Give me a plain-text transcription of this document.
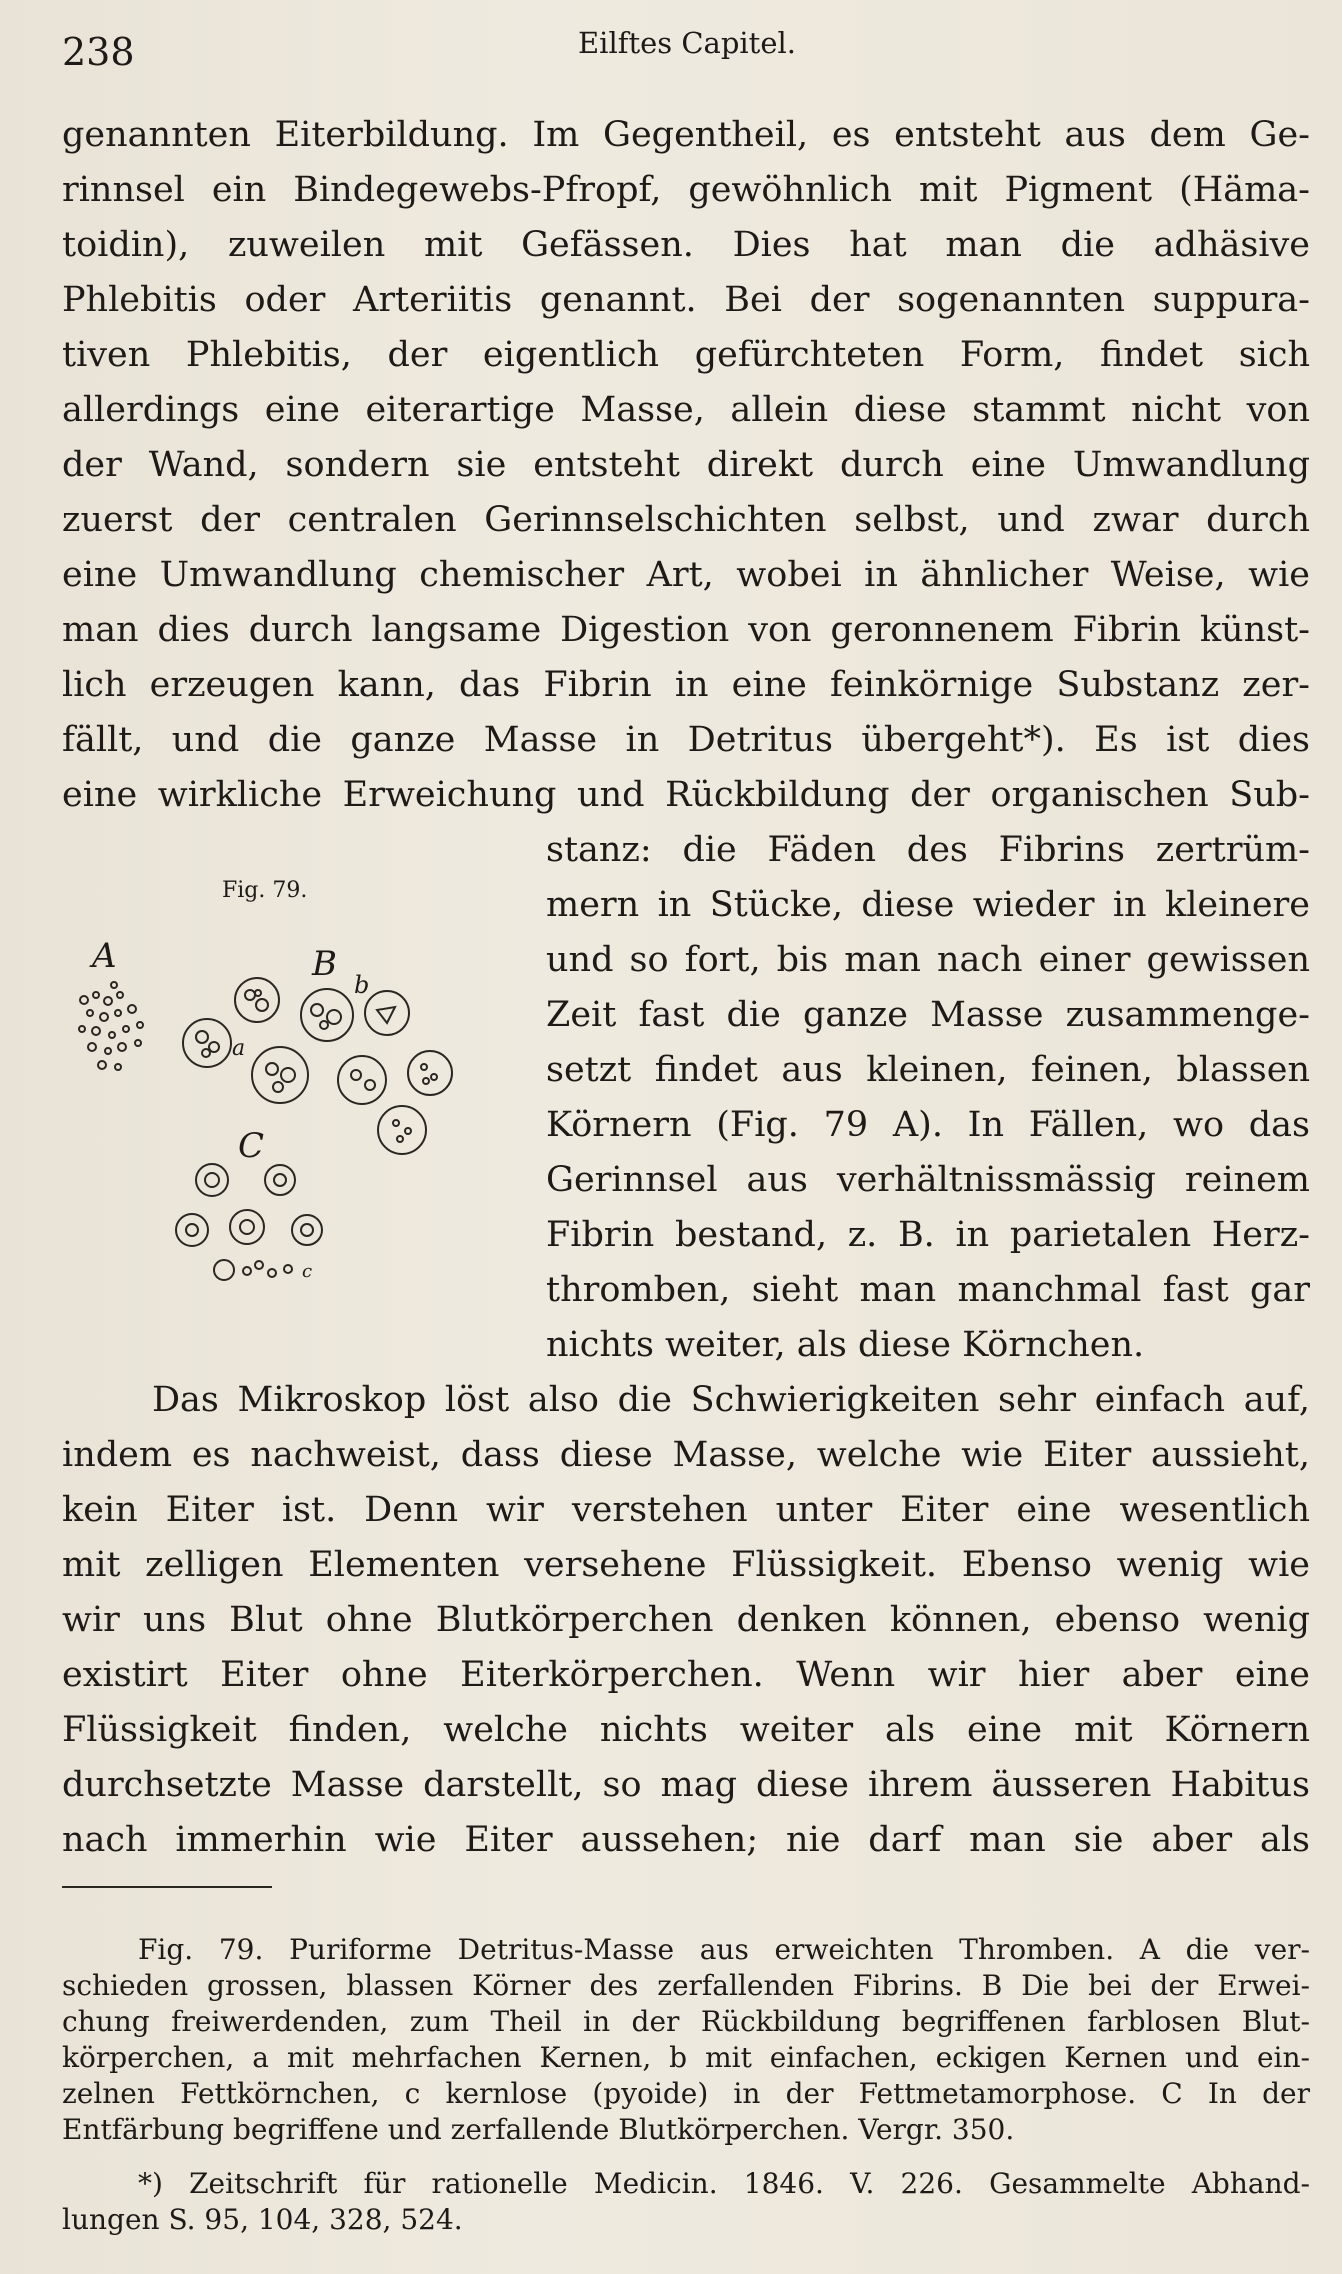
238	Eilftes Capitel.
genannten Eiterbildung. Im Gegentheil, es entsteht aus dem Ge-
rinnsel ein Bindegewebs-Pfropf, gewöhnlich mit Pigment (Häma-
toidin), zuweilen mit Gefässen. Dies hat man die adhäsive
Phlebitis oder Arteriitis genannt. Bei der sogenannten suppura-
tiven Phlebitis, der eigentlich gefürchteten Form, findet sich
allerdings eine eiterartige Masse, allein diese stammt nicht von
der Wand, sondern sie entsteht direkt durch eine Umwandlung
zuerst der centralen Gerinnselschichten selbst, und zwar durch
eine Umwandlung chemischer Art, wobei in ähnlicher Weise, wie
man dies durch langsame Digestion von geronnenem Fibrin künst-
lich erzeugen kann, das Fibrin in eine feinkörnige Substanz zer-
fällt, und die ganze Masse in Detritus übergeht*). Es ist dies
eine wirkliche Erweichung und Rückbildung der organischen Sub-
stanz: die Fäden des Fibrins zertrüm-
mern in Stücke, diese wieder in kleinere
und so fort, bis man nach einer gewissen
Zeit fast die ganze Masse zusammenge-
setzt findet aus kleinen, feinen, blassen
Körnern (Fig. 79 A). In Fällen, wo das
Gerinnsel aus verhältnissmässig reinem
Fibrin bestand, z. B. in parietalen Herz-
thromben, sieht man manchmal fast gar
nichts weiter, als diese Körnchen.
Fig. 79.
A	B
b
a
C
c
Das Mikroskop löst also die Schwierigkeiten sehr einfach auf,
indem es nachweist, dass diese Masse, welche wie Eiter aussieht,
kein Eiter ist. Denn wir verstehen unter Eiter eine wesentlich
mit zelligen Elementen versehene Flüssigkeit. Ebenso wenig wie
wir uns Blut ohne Blutkörperchen denken können, ebenso wenig
existirt Eiter ohne Eiterkörperchen. Wenn wir hier aber eine
Flüssigkeit finden, welche nichts weiter als eine mit Körnern
durchsetzte Masse darstellt, so mag diese ihrem äusseren Habitus
nach immerhin wie Eiter aussehen; nie darf man sie aber als
Fig. 79. Puriforme Detritus-Masse aus erweichten Thromben. A die ver-
schieden grossen, blassen Körner des zerfallenden Fibrins. B Die bei der Erwei-
chung freiwerdenden, zum Theil in der Rückbildung begriffenen farblosen Blut-
körperchen, a mit mehrfachen Kernen, b mit einfachen, eckigen Kernen und ein-
zelnen Fettkörnchen, c kernlose (pyoide) in der Fettmetamorphose. C In der
Entfärbung begriffene und zerfallende Blutkörperchen. Vergr. 350.
*) Zeitschrift für rationelle Medicin. 1846. V. 226. Gesammelte Abhand-
lungen S. 95, 104, 328, 524.
